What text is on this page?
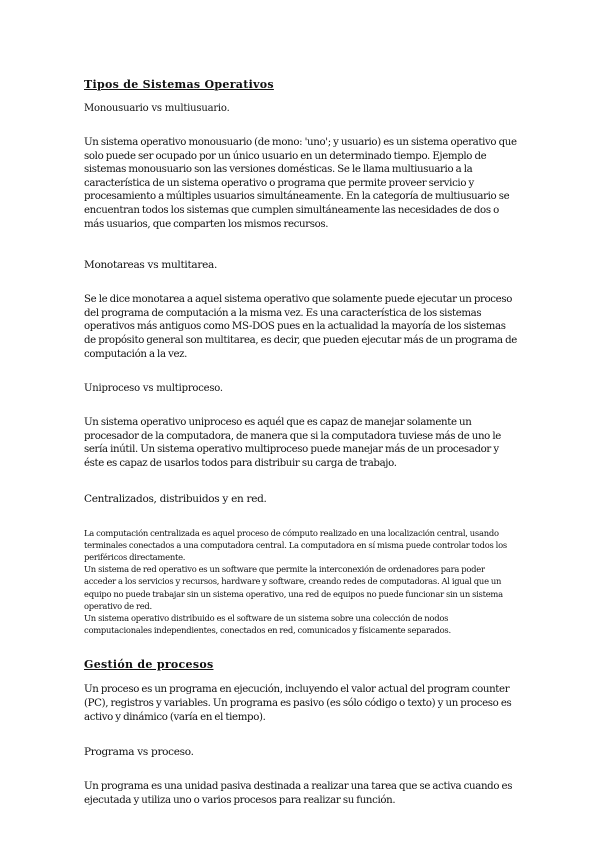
Tipos de Sistemas Operativos
Monousuario vs multiusuario.

Un sistema operativo monousuario (de mono: 'uno'; y usuario) es un sistema operativo que solo puede ser ocupado por un único usuario en un determinado tiempo. Ejemplo de sistemas monousuario son las versiones domésticas. Se le llama multiusuario a la característica de un sistema operativo o programa que permite proveer servicio y procesamiento a múltiples usuarios simultáneamente. En la categoría de multiusuario se encuentran todos los sistemas que cumplen simultáneamente las necesidades de dos o más usuarios, que comparten los mismos recursos.

Monotareas vs multitarea.

Se le dice monotarea a aquel sistema operativo que solamente puede ejecutar un proceso del programa de computación a la misma vez. Es una característica de los sistemas operativos más antiguos como MS-DOS pues en la actualidad la mayoría de los sistemas de propósito general son multitarea, es decir, que pueden ejecutar más de un programa de computación a la vez.

Uniproceso vs multiproceso.

Un sistema operativo uniproceso es aquél que es capaz de manejar solamente un procesador de la computadora, de manera que si la computadora tuviese más de uno le sería inútil. Un sistema operativo multiproceso puede manejar más de un procesador y éste es capaz de usarlos todos para distribuir su carga de trabajo.

Centralizados, distribuidos y en red.

La computación centralizada es aquel proceso de cómputo realizado en una localización central, usando terminales conectados a una computadora central. La computadora en sí misma puede controlar todos los periféricos directamente.

Un sistema de red operativo es un software que permite la interconexión de ordenadores para poder acceder a los servicios y recursos, hardware y software, creando redes de computadoras. Al igual que un equipo no puede trabajar sin un sistema operativo, una red de equipos no puede funcionar sin un sistema operativo de red.

Un sistema operativo distribuido es el software de un sistema sobre una colección de nodos computacionales independientes, conectados en red, comunicados y físicamente separados.

Gestión de procesos

Un proceso es un programa en ejecución, incluyendo el valor actual del program counter (PC), registros y variables. Un programa es pasivo (es sólo código o texto) y un proceso es activo y dinámico (varía en el tiempo).

Programa vs proceso.

Un programa es una unidad pasiva destinada a realizar una tarea que se activa cuando es ejecutada y utiliza uno o varios procesos para realizar su función.
